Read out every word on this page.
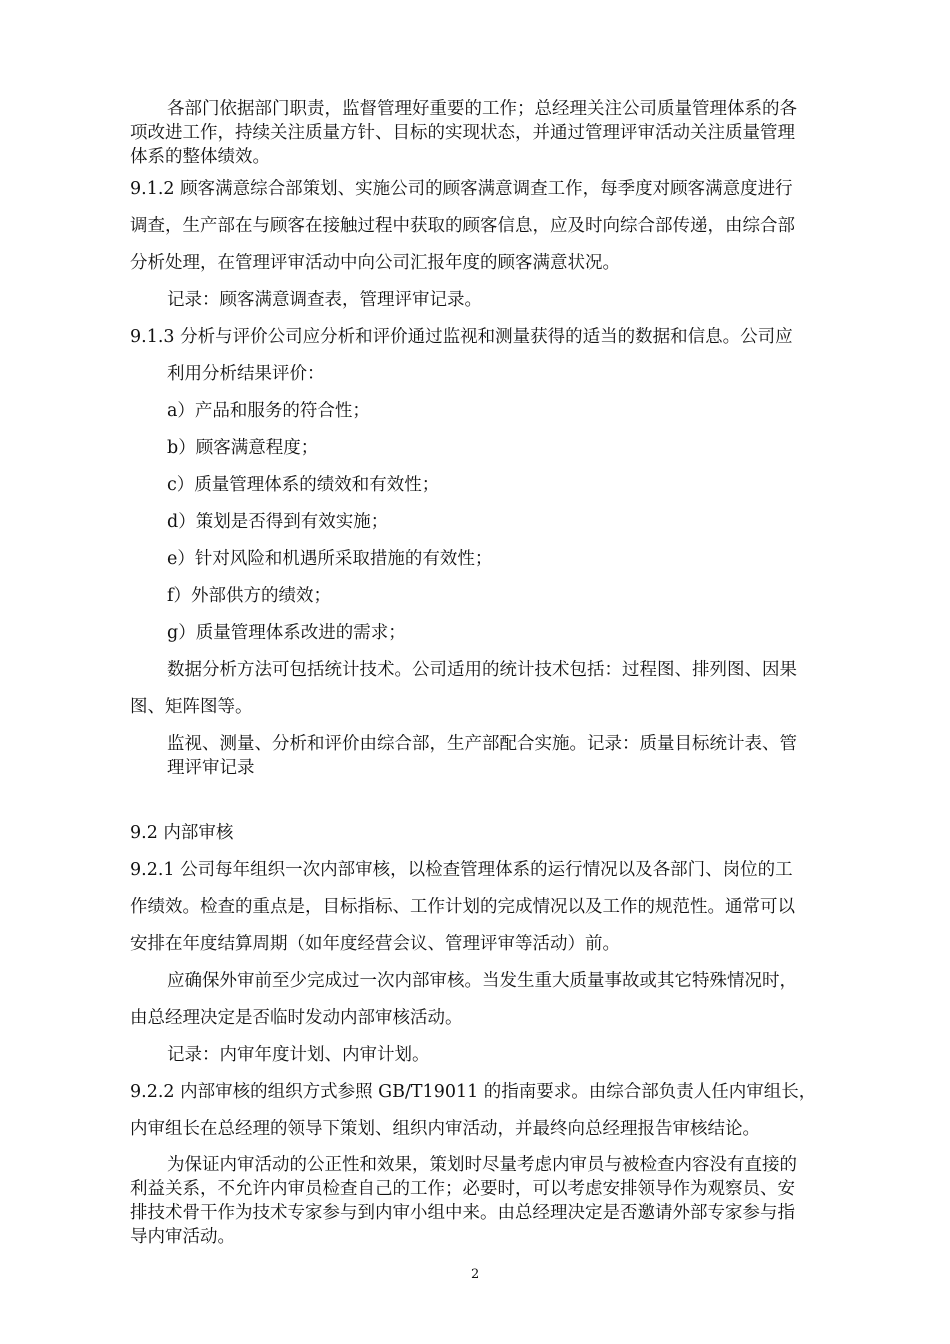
各部门依据部门职责，监督管理好重要的工作；总经理关注公司质量管理体系的各
项改进工作，持续关注质量方针、目标的实现状态，并通过管理评审活动关注质量管理
体系的整体绩效。
9.1.2 顾客满意综合部策划、实施公司的顾客满意调查工作，每季度对顾客满意度进行
调查，生产部在与顾客在接触过程中获取的顾客信息，应及时向综合部传递，由综合部
分析处理，在管理评审活动中向公司汇报年度的顾客满意状况。
记录：顾客满意调查表，管理评审记录。
9.1.3 分析与评价公司应分析和评价通过监视和测量获得的适当的数据和信息。公司应
利用分析结果评价：
a）产品和服务的符合性；
b）顾客满意程度；
c）质量管理体系的绩效和有效性；
d）策划是否得到有效实施；
e）针对风险和机遇所采取措施的有效性；
f）外部供方的绩效；
g）质量管理体系改进的需求；
数据分析方法可包括统计技术。公司适用的统计技术包括：过程图、排列图、因果
图、矩阵图等。
监视、测量、分析和评价由综合部，生产部配合实施。记录：质量目标统计表、管
理评审记录
9.2 内部审核
9.2.1 公司每年组织一次内部审核，以检查管理体系的运行情况以及各部门、岗位的工
作绩效。检查的重点是，目标指标、工作计划的完成情况以及工作的规范性。通常可以
安排在年度结算周期（如年度经营会议、管理评审等活动）前。
应确保外审前至少完成过一次内部审核。当发生重大质量事故或其它特殊情况时，
由总经理决定是否临时发动内部审核活动。
记录：内审年度计划、内审计划。
9.2.2 内部审核的组织方式参照 GB/T19011 的指南要求。由综合部负责人任内审组长，
内审组长在总经理的领导下策划、组织内审活动，并最终向总经理报告审核结论。
为保证内审活动的公正性和效果，策划时尽量考虑内审员与被检查内容没有直接的
利益关系，不允许内审员检查自己的工作；必要时，可以考虑安排领导作为观察员、安
排技术骨干作为技术专家参与到内审小组中来。由总经理决定是否邀请外部专家参与指
导内审活动。
2
